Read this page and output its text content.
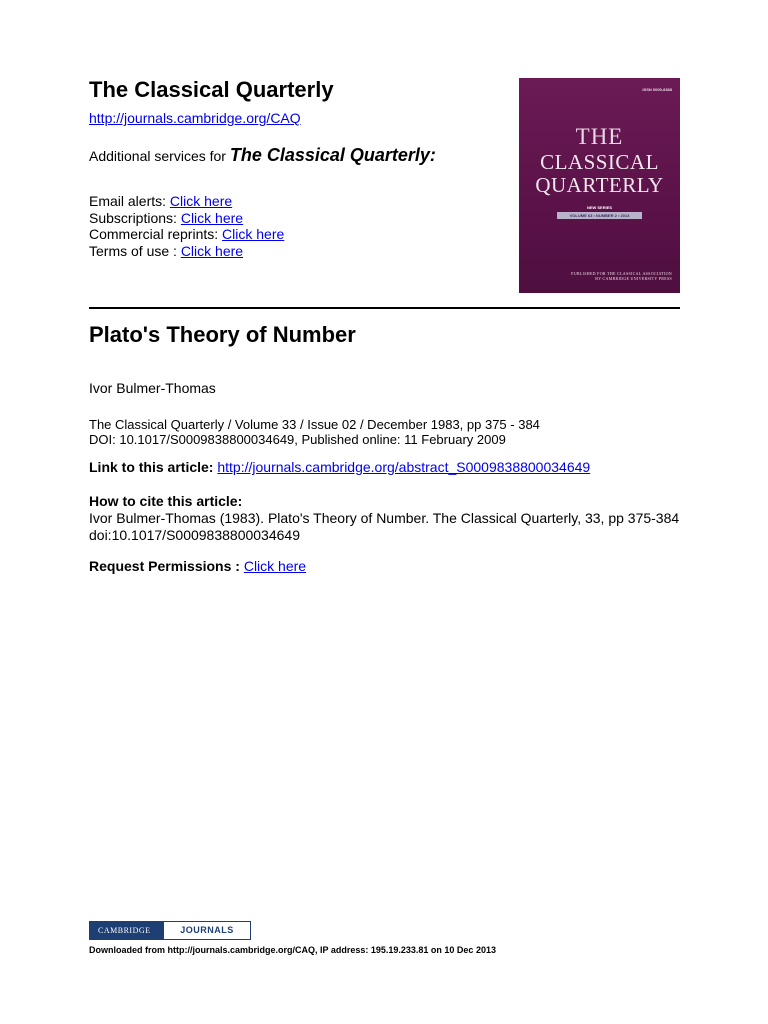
The Classical Quarterly
http://journals.cambridge.org/CAQ
Additional services for The Classical Quarterly:
Email alerts: Click here
Subscriptions: Click here
Commercial reprints: Click here
Terms of use : Click here
ISSN 0009-8388
THE
CLASSICAL
QUARTERLY
NEW SERIES
VOLUME 63 • NUMBER 2 • 2013
PUBLISHED FOR THE CLASSICAL ASSOCIATION
BY CAMBRIDGE UNIVERSITY PRESS
Plato's Theory of Number
Ivor Bulmer-Thomas
The Classical Quarterly / Volume 33 / Issue 02 / December 1983, pp 375 - 384
DOI: 10.1017/S0009838800034649, Published online: 11 February 2009
Link to this article: http://journals.cambridge.org/abstract_S0009838800034649
How to cite this article:
Ivor Bulmer-Thomas (1983). Plato's Theory of Number. The Classical Quarterly, 33, pp 375-384 doi:10.1017/S0009838800034649
Request Permissions : Click here
CAMBRIDGE	JOURNALS
Downloaded from http://journals.cambridge.org/CAQ, IP address: 195.19.233.81 on 10 Dec 2013
